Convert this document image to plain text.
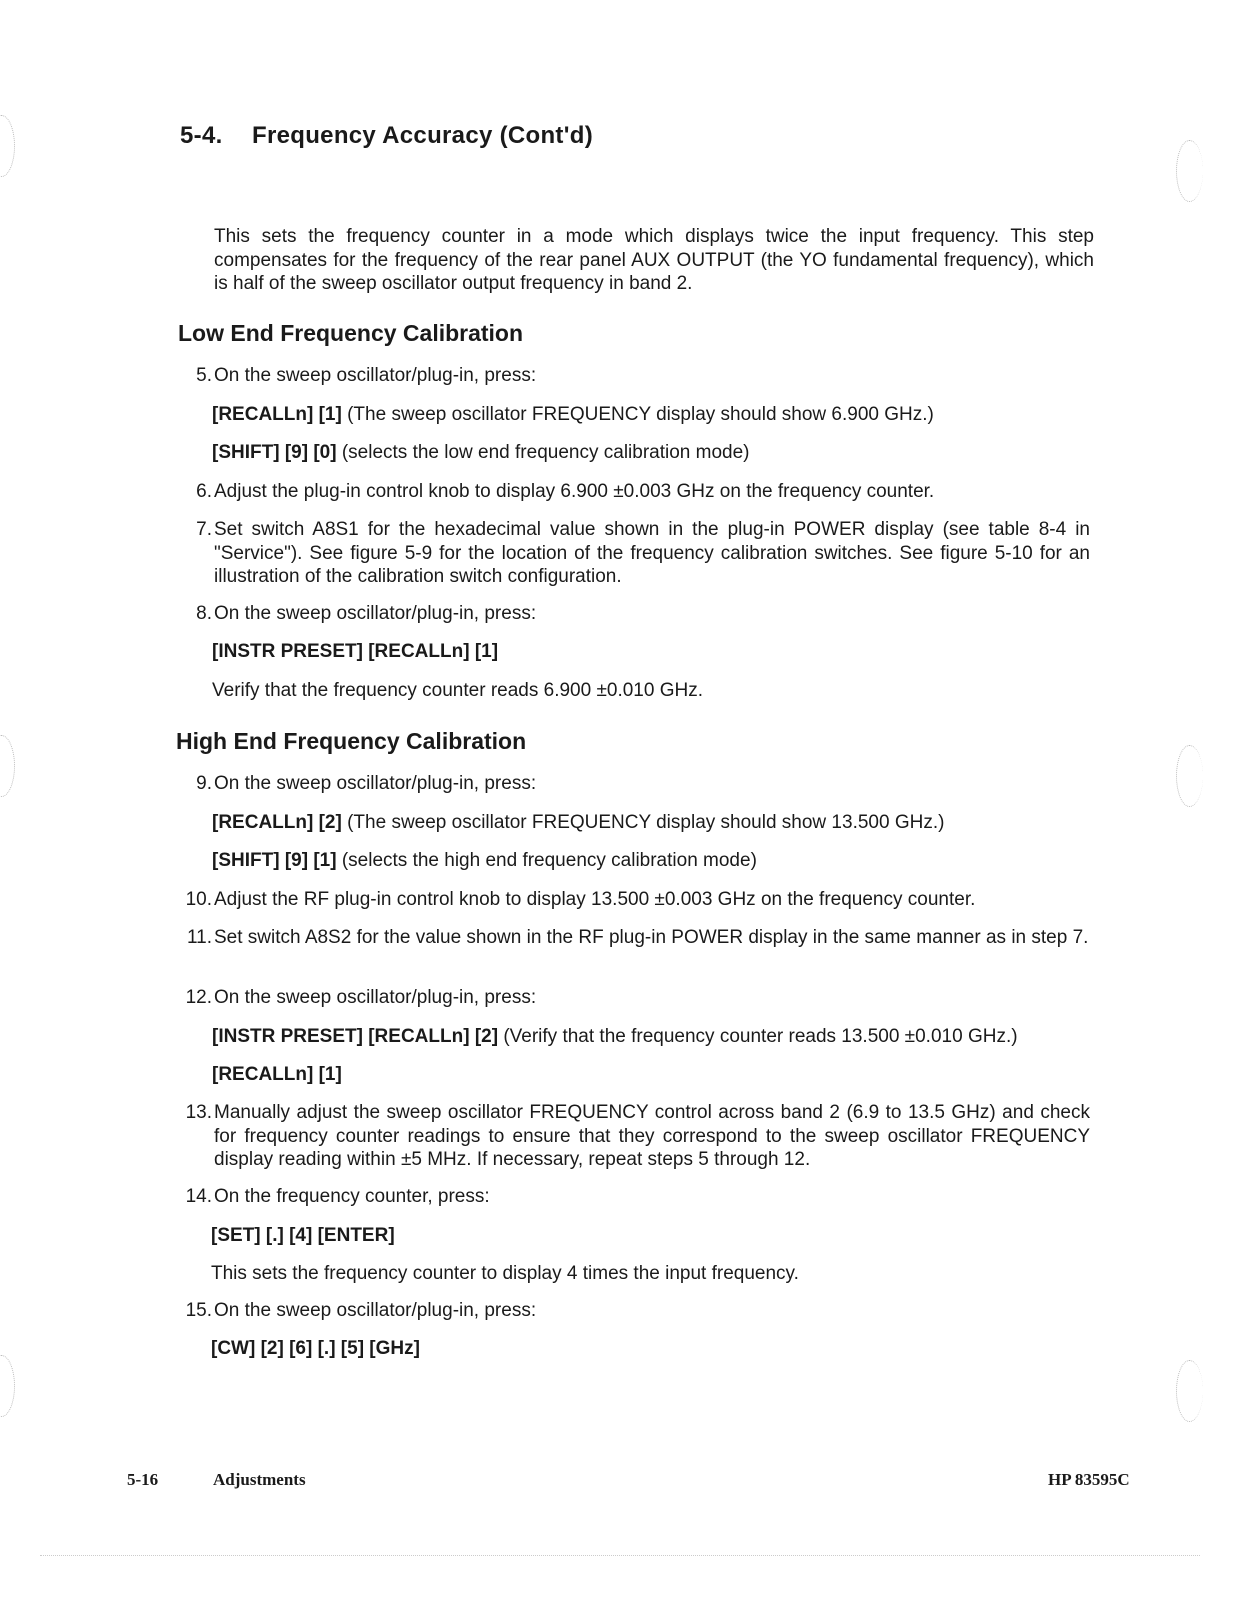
5-4. Frequency Accuracy (Cont'd)

This sets the frequency counter in a mode which displays twice the input frequency. This step compensates for the frequency of the rear panel AUX OUTPUT (the YO fundamental frequency), which is half of the sweep oscillator output frequency in band 2.

Low End Frequency Calibration
5. On the sweep oscillator/plug-in, press:
[RECALLn] [1] (The sweep oscillator FREQUENCY display should show 6.900 GHz.)
[SHIFT] [9] [0] (selects the low end frequency calibration mode)
6. Adjust the plug-in control knob to display 6.900 ±0.003 GHz on the frequency counter.
7. Set switch A8S1 for the hexadecimal value shown in the plug-in POWER display (see table 8-4 in "Service"). See figure 5-9 for the location of the frequency calibration switches. See figure 5-10 for an illustration of the calibration switch configuration.
8. On the sweep oscillator/plug-in, press:
[INSTR PRESET] [RECALLn] [1]
Verify that the frequency counter reads 6.900 ±0.010 GHz.
High End Frequency Calibration
9. On the sweep oscillator/plug-in, press:
[RECALLn] [2] (The sweep oscillator FREQUENCY display should show 13.500 GHz.)
[SHIFT] [9] [1] (selects the high end frequency calibration mode)
10. Adjust the RF plug-in control knob to display 13.500 ±0.003 GHz on the frequency counter.
11. Set switch A8S2 for the value shown in the RF plug-in POWER display in the same manner as in step 7.
12. On the sweep oscillator/plug-in, press:
[INSTR PRESET] [RECALLn] [2] (Verify that the frequency counter reads 13.500 ±0.010 GHz.)
[RECALLn] [1]
13. Manually adjust the sweep oscillator FREQUENCY control across band 2 (6.9 to 13.5 GHz) and check for frequency counter readings to ensure that they correspond to the sweep oscillator FREQUENCY display reading within ±5 MHz. If necessary, repeat steps 5 through 12.
14. On the frequency counter, press:
[SET] [.] [4] [ENTER]
This sets the frequency counter to display 4 times the input frequency.
15. On the sweep oscillator/plug-in, press:
[CW] [2] [6] [.] [5] [GHz]
5-16	Adjustments	HP 83595C
